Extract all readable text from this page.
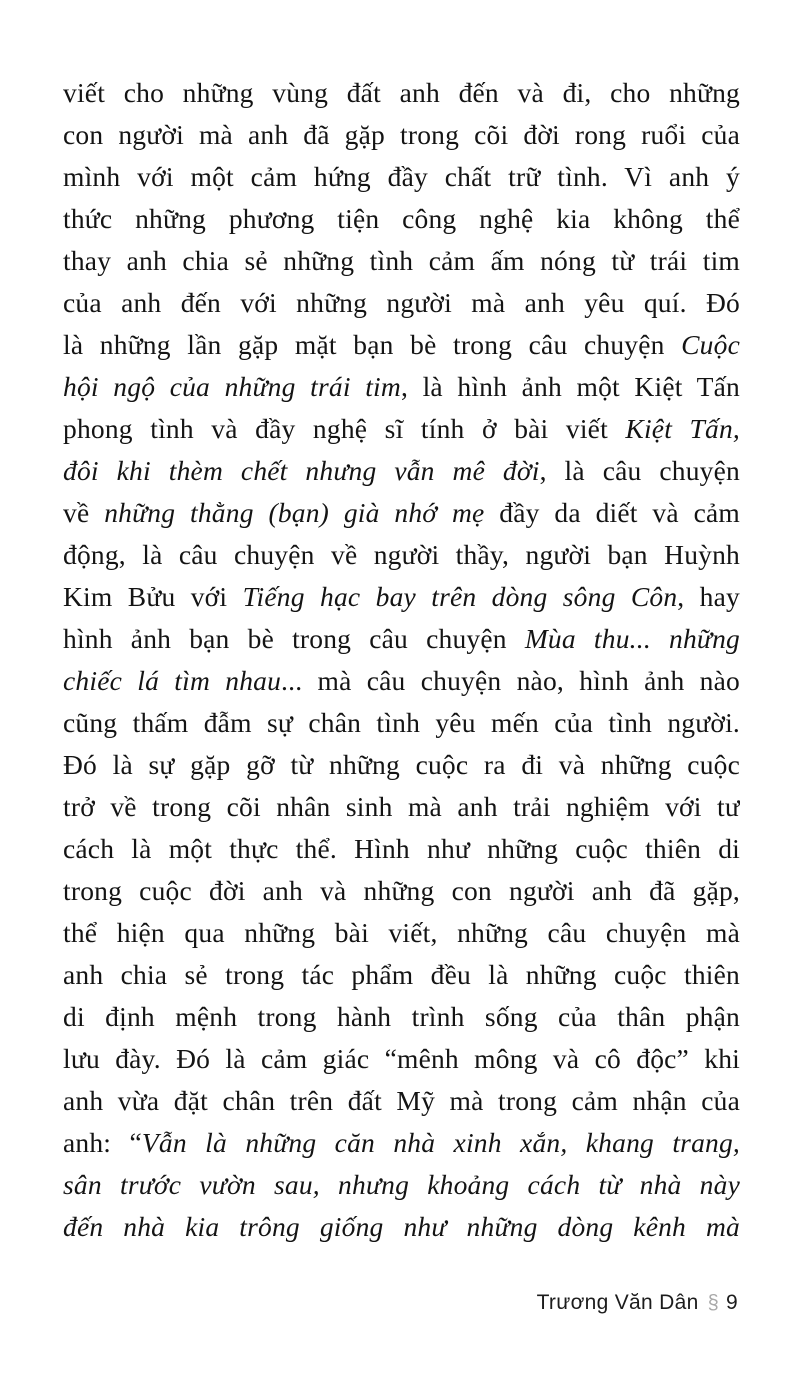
viết cho những vùng đất anh đến và đi, cho những
con người mà anh đã gặp trong cõi đời rong ruổi của
mình với một cảm hứng đầy chất trữ tình. Vì anh ý
thức những phương tiện công nghệ kia không thể
thay anh chia sẻ những tình cảm ấm nóng từ trái tim
của anh đến với những người mà anh yêu quí. Đó
là những lần gặp mặt bạn bè trong câu chuyện Cuộc
hội ngộ của những trái tim, là hình ảnh một Kiệt Tấn
phong tình và đầy nghệ sĩ tính ở bài viết Kiệt Tấn,
đôi khi thèm chết nhưng vẫn mê đời, là câu chuyện
về những thằng (bạn) già nhớ mẹ đầy da diết và cảm
động, là câu chuyện về người thầy, người bạn Huỳnh
Kim Bửu với Tiếng hạc bay trên dòng sông Côn, hay
hình ảnh bạn bè trong câu chuyện Mùa thu... những
chiếc lá tìm nhau... mà câu chuyện nào, hình ảnh nào
cũng thấm đẫm sự chân tình yêu mến của tình người.
Đó là sự gặp gỡ từ những cuộc ra đi và những cuộc
trở về trong cõi nhân sinh mà anh trải nghiệm với tư
cách là một thực thể. Hình như những cuộc thiên di
trong cuộc đời anh và những con người anh đã gặp,
thể hiện qua những bài viết, những câu chuyện mà
anh chia sẻ trong tác phẩm đều là những cuộc thiên
di định mệnh trong hành trình sống của thân phận
lưu đày. Đó là cảm giác “mênh mông và cô độc” khi
anh vừa đặt chân trên đất Mỹ mà trong cảm nhận của
anh: “Vẫn là những căn nhà xinh xắn, khang trang,
sân trước vườn sau, nhưng khoảng cách từ nhà này
đến nhà kia trông giống như những dòng kênh mà
Trương Văn Dân § 9
